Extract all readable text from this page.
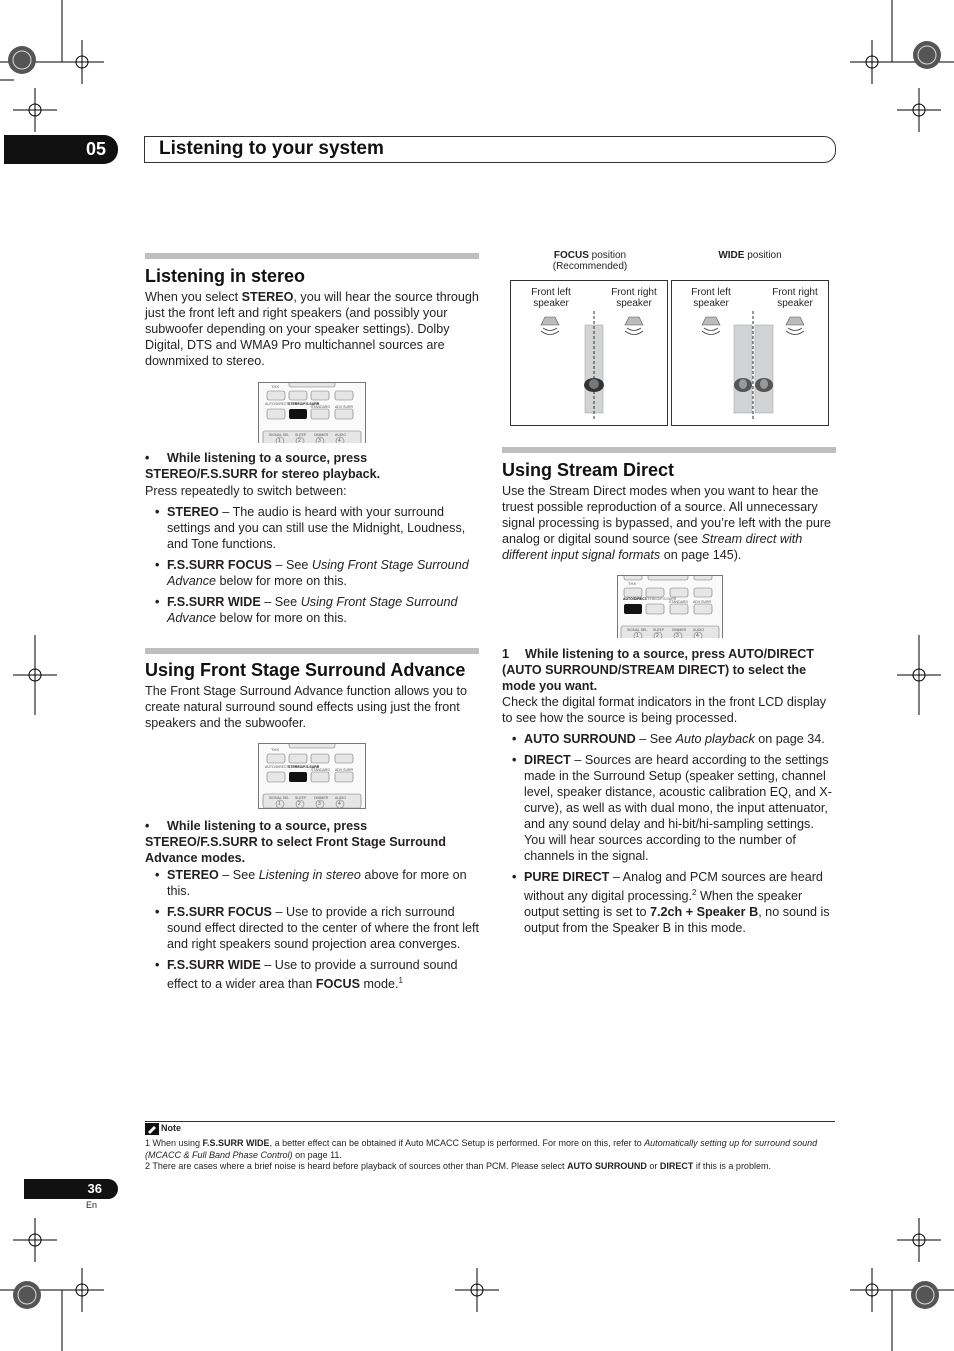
05	Listening to your system
Listening in stereo

When you select STEREO, you will hear the source through just the front left and right speakers (and possibly your subwoofer depending on your speaker settings). Dolby Digital, DTS and WMA9 Pro multichannel sources are downmixed to stereo.

THX
AUTO/DIRECT STEREO/F.S.SURR
STANDARD ADV SURR
SIGNAL SEL SLEEP DIMMER AUDIO
1	2	3	4

• While listening to a source, press STEREO/F.S.SURR for stereo playback.

Press repeatedly to switch between:

• STEREO – The audio is heard with your surround settings and you can still use the Midnight, Loudness, and Tone functions.
• F.S.SURR FOCUS – See Using Front Stage Surround Advance below for more on this.
• F.S.SURR WIDE – See Using Front Stage Surround Advance below for more on this.
Using Front Stage Surround Advance

The Front Stage Surround Advance function allows you to create natural surround sound effects using just the front speakers and the subwoofer.

THX
AUTO/DIRECT STEREO/F.S.SURR
STANDARD ADV SURR
SIGNAL SEL SLEEP DIMMER AUDIO
1	2	3	4

• While listening to a source, press STEREO/F.S.SURR to select Front Stage Surround Advance modes.

• STEREO – See Listening in stereo above for more on this.
• F.S.SURR FOCUS – Use to provide a rich surround sound effect directed to the center of where the front left and right speakers sound projection area converges.
• F.S.SURR WIDE – Use to provide a surround sound effect to a wider area than FOCUS mode.$^1$
FOCUS position
(Recommended)
WIDE position
Front left speaker
Front right speaker
Front left speaker
Front right speaker
Using Stream Direct

Use the Stream Direct modes when you want to hear the truest possible reproduction of a source. All unnecessary signal processing is bypassed, and you’re left with the pure analog or digital sound source (see Stream direct with different input signal formats on page 145).

THX
AUTO/DIRECT
STEREO/F.S.SURR
STANDARD ADV SURR
SIGNAL SEL SLEEP DIMMER AUDIO
1	2	3	4

1 While listening to a source, press AUTO/DIRECT (AUTO SURROUND/STREAM DIRECT) to select the mode you want.

Check the digital format indicators in the front LCD display to see how the source is being processed.

• AUTO SURROUND – See Auto playback on page 34.
• DIRECT – Sources are heard according to the settings made in the Surround Setup (speaker setting, channel level, speaker distance, acoustic calibration EQ, and X-curve), as well as with dual mono, the input attenuator, and any sound delay and hi-bit/hi-sampling settings. You will hear sources according to the number of channels in the signal.
• PURE DIRECT – Analog and PCM sources are heard without any digital processing.$^2$ When the speaker output setting is set to 7.2ch + Speaker B, no sound is output from the Speaker B in this mode.
Note
1 When using F.S.SURR WIDE, a better effect can be obtained if Auto MCACC Setup is performed. For more on this, refer to Automatically setting up for surround sound (MCACC & Full Band Phase Control) on page 11.
2 There are cases where a brief noise is heard before playback of sources other than PCM. Please select AUTO SURROUND or DIRECT if this is a problem.
36
En
